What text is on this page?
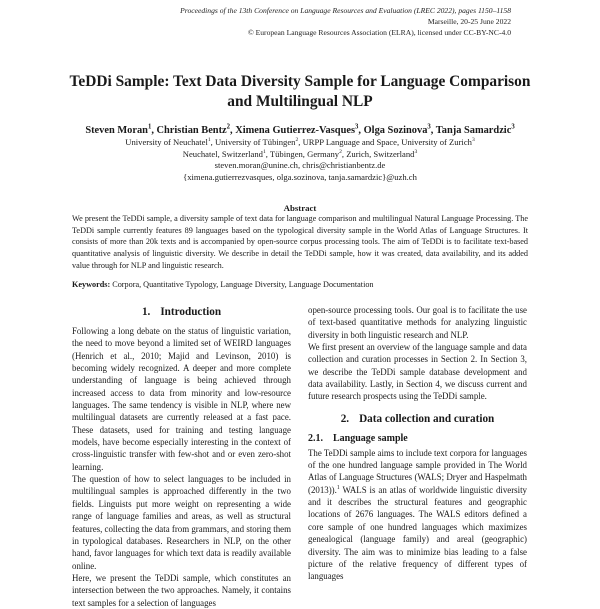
Proceedings of the 13th Conference on Language Resources and Evaluation (LREC 2022), pages 1150–1158
Marseille, 20-25 June 2022
© European Language Resources Association (ELRA), licensed under CC-BY-NC-4.0
TeDDi Sample: Text Data Diversity Sample for Language Comparison
and Multilingual NLP
Steven Moran$^1$, Christian Bentz$^2$, Ximena Gutierrez-Vasques$^3$, Olga Sozinova$^3$, Tanja Samardzic$^3$
University of Neuchatel$^1$, University of Tübingen$^2$, URPP Language and Space, University of Zurich$^3$
Neuchatel, Switzerland$^1$, Tübingen, Germany$^2$, Zurich, Switzerland$^3$
steven.moran@unine.ch, chris@christianbentz.de
{ximena.gutierrezvasques, olga.sozinova, tanja.samardzic}@uzh.ch
Abstract
We present the TeDDi sample, a diversity sample of text data for language comparison and multilingual Natural Language Processing. The TeDDi sample currently features 89 languages based on the typological diversity sample in the World Atlas of Language Structures. It consists of more than 20k texts and is accompanied by open-source corpus processing tools. The aim of TeDDi is to facilitate text-based quantitative analysis of linguistic diversity. We describe in detail the TeDDi sample, how it was created, data availability, and its added value through for NLP and linguistic research.
Keywords: Corpora, Quantitative Typology, Language Diversity, Language Documentation
1. Introduction

Following a long debate on the status of linguistic variation, the need to move beyond a limited set of WEIRD languages (Henrich et al., 2010; Majid and Levinson, 2010) is becoming widely recognized. A deeper and more complete understanding of language is being achieved through increased access to data from minority and low-resource languages. The same tendency is visible in NLP, where new multilingual datasets are currently released at a fast pace. These datasets, used for training and testing language models, have become especially interesting in the context of cross-linguistic transfer with few-shot and or even zero-shot learning.

The question of how to select languages to be included in multilingual samples is approached differently in the two fields. Linguists put more weight on representing a wide range of language families and areas, as well as structural features, collecting the data from grammars, and storing them in typological databases. Researchers in NLP, on the other hand, favor languages for which text data is readily available online.

Here, we present the TeDDi sample, which constitutes an intersection between the two approaches. Namely, it contains text samples for a selection of languages

open-source processing tools. Our goal is to facilitate the use of text-based quantitative methods for analyzing linguistic diversity in both linguistic research and NLP.

We first present an overview of the language sample and data collection and curation processes in Section 2. In Section 3, we describe the TeDDi sample database development and data availability. Lastly, in Section 4, we discuss current and future research prospects using the TeDDi sample.

2. Data collection and curation
2.1. Language sample

The TeDDi sample aims to include text corpora for languages of the one hundred language sample provided in The World Atlas of Language Structures (WALS; Dryer and Haspelmath (2013)).$^1$ WALS is an atlas of worldwide linguistic diversity and it describes the structural features and geographic locations of 2676 languages. The WALS editors defined a core sample of one hundred languages which maximizes genealogical (language family) and areal (geographic) diversity. The aim was to minimize bias leading to a false picture of the relative frequency of different types of languages
